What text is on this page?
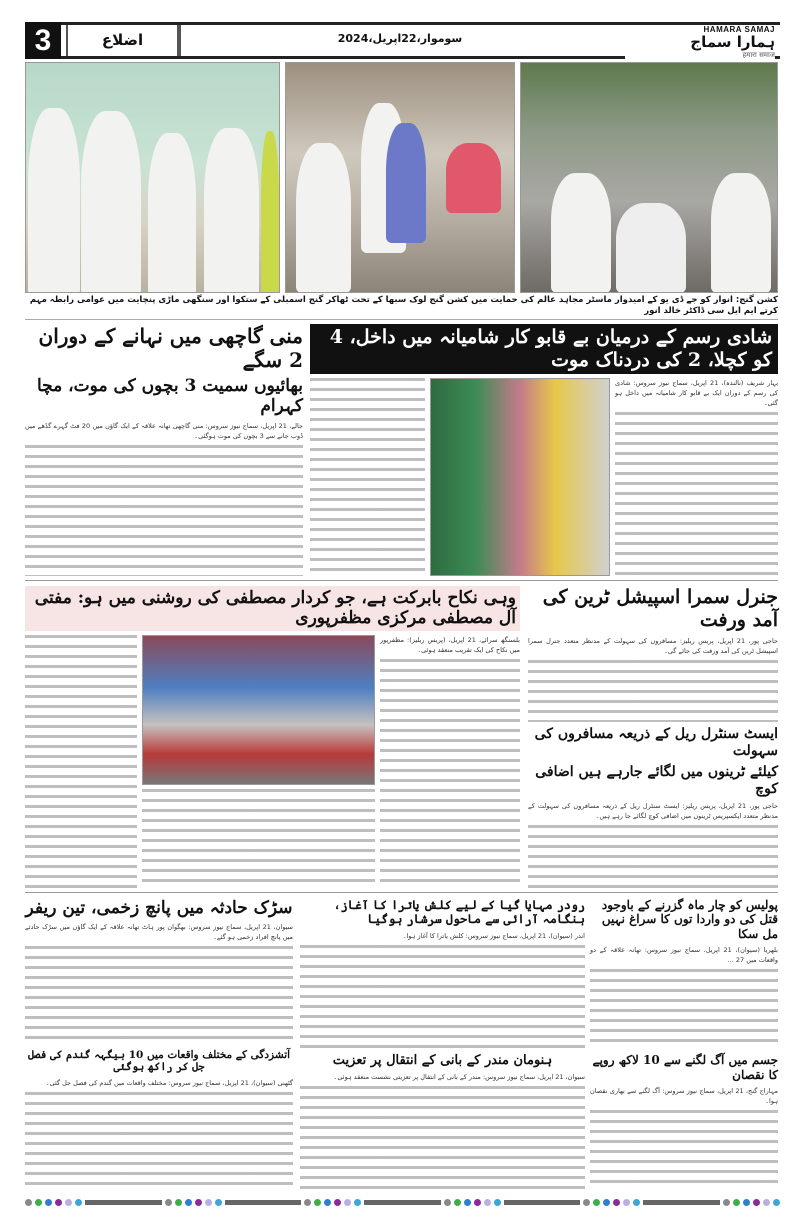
3	اضلاع	سوموار،22اپریل،2024
HAMARA SAMAJ
ہمارا سماج
हमारा समाज
کشن گنج: انوار کو جے ڈی یو کے امیدوار ماسٹر مجاہد عالم کی حمایت میں کشن گنج لوک سبھا کے تحت ٹھاکر گنج اسمبلی کے ستکوا اور سنگھی ماڑی پنچایت میں عوامی رابطہ مہم کرتے ایم ایل سی ڈاکٹر خالد انور
شادی رسم کے درمیان بے قابو کار شامیانہ میں داخل، 4 کو کچلا، 2 کی دردناک موت
بہار شریف (نالندہ)، 21 اپریل، سماج نیوز سروس: شادی کی رسم کے دوران ایک بے قابو کار شامیانہ میں داخل ہو گئی۔
منی گاچھی میں نہانے کے دوران 2 سگے
بھائیوں سمیت 3 بچوں کی موت، مچا کہرام
جالے، 21 اپریل، سماج نیوز سروس: منی گاچھی تھانہ علاقہ کے ایک گاؤں میں 20 فٹ گہرے گڈھے میں ڈوب جانے سے 3 بچوں کی موت ہوگئی۔
وہی نکاح بابرکت ہے، جو کردار مصطفی کی روشنی میں ہو: مفتی آل مصطفی مرکزی مظفرپوری
بلسنگھ سرائے، 21 اپریل، (پریس ریلیز): مظفرپور میں نکاح کی ایک تقریب منعقد ہوئی۔
جنرل سمرا اسپیشل ٹرین کی آمد ورفت
حاجی پور، 21 اپریل، پریس ریلیز: مسافروں کی سہولت کے مدنظر متعدد جنرل سمرا اسپیشل ٹرین کی آمد ورفت کی جائے گی۔
ایسٹ سنٹرل ریل کے ذریعہ مسافروں کی سہولت
کیلئے ٹرینوں میں لگائے جارہے ہیں اضافی کوچ
حاجی پور، 21 اپریل، پریس ریلیز: ایسٹ سنٹرل ریل کے ذریعہ مسافروں کی سہولت کے مدنظر متعدد ایکسپریس ٹرینوں میں اضافی کوچ لگائے جا رہے ہیں۔
پولیس کو چار ماہ گزرنے کے باوجود قتل کی دو واردا توں کا سراغ نہیں مل سکا
بلھریا (سیوان)، 21 اپریل، سماج نیوز سروس: تھانہ علاقہ کے دو واقعات میں 27 ...
جسم میں آگ لگنے سے 10 لاکھ روپے کا نقصان
مہاراج گنج، 21 اپریل، سماج نیوز سروس: آگ لگنے سے بھاری نقصان ہوا۔
رودر مہایا گیا کے لیے کلش یاترا کا آغاز، ہنگامہ آرائی سے ماحول سرشار ہوگیا
اندر (سیوان)، 21 اپریل، سماج نیوز سروس: کلش یاترا کا آغاز ہوا۔
ہنومان مندر کے بانی کے انتقال پر تعزیت
سیوان، 21 اپریل، سماج نیوز سروس: مندر کے بانی کے انتقال پر تعزیتی نشست منعقد ہوئی۔
سڑک حادثہ میں پانچ زخمی، تین ریفر
سیوان، 21 اپریل، سماج نیوز سروس: بھگوان پور ہاٹ تھانہ علاقہ کے ایک گاؤں میں سڑک حادثے میں پانچ افراد زخمی ہو گئے۔
آتشزدگی کے مختلف واقعات میں 10 بیگہہ گندم کی فصل جل کر راکھ ہوگئی
گٹھنی (سیوان)، 21 اپریل، سماج نیوز سروس: مختلف واقعات میں گندم کی فصل جل گئی۔
